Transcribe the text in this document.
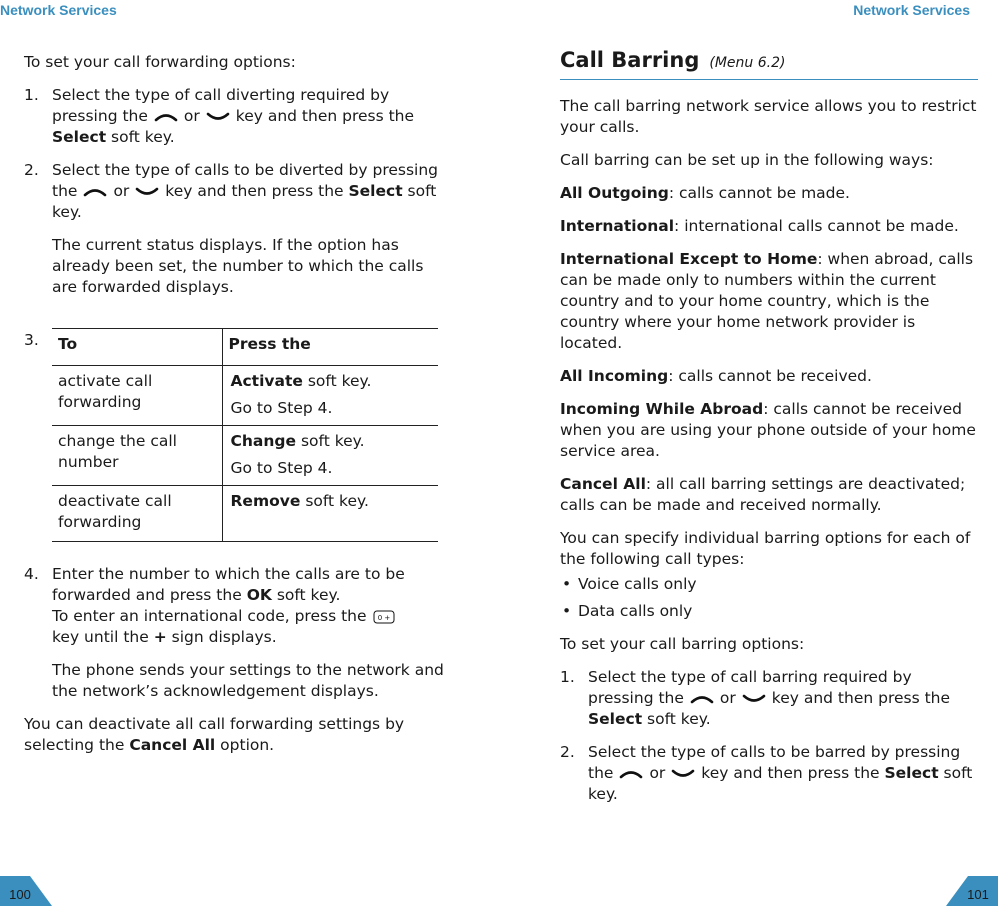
Network Services	Network Services

To set your call forwarding options:

1. Select the type of call diverting required by pressing the or key and then press the Select soft key.
2. Select the type of calls to be diverted by pressing the or key and then press the Select soft key.

The current status displays. If the option has already been set, the number to which the calls are forwarded displays.

3. To	Press the
activate call forwarding	Activate soft key.
Go to Step 4.

change the call number	Change soft key.
Go to Step 4.

deactivate call forwarding	Remove soft key.
4. Enter the number to which the calls are to be forwarded and press the OK soft key.
To enter an international code, press the 0 +

key until the + sign displays.

The phone sends your settings to the network and the network’s acknowledgement displays.

You can deactivate all call forwarding settings by selecting the Cancel All option.

Call Barring (Menu 6.2)

The call barring network service allows you to restrict your calls.

Call barring can be set up in the following ways:

All Outgoing: calls cannot be made.

International: international calls cannot be made.

International Except to Home: when abroad, calls can be made only to numbers within the current country and to your home country, which is the country where your home network provider is located.

All Incoming: calls cannot be received.

Incoming While Abroad: calls cannot be received when you are using your phone outside of your home service area.

Cancel All: all call barring settings are deactivated; calls can be made and received normally.

You can specify individual barring options for each of the following call types:

• Voice calls only

• Data calls only

To set your call barring options:

1. Select the type of call barring required by pressing the or key and then press the Select soft key.
2. Select the type of calls to be barred by pressing the or key and then press the Select soft key.
100	101
